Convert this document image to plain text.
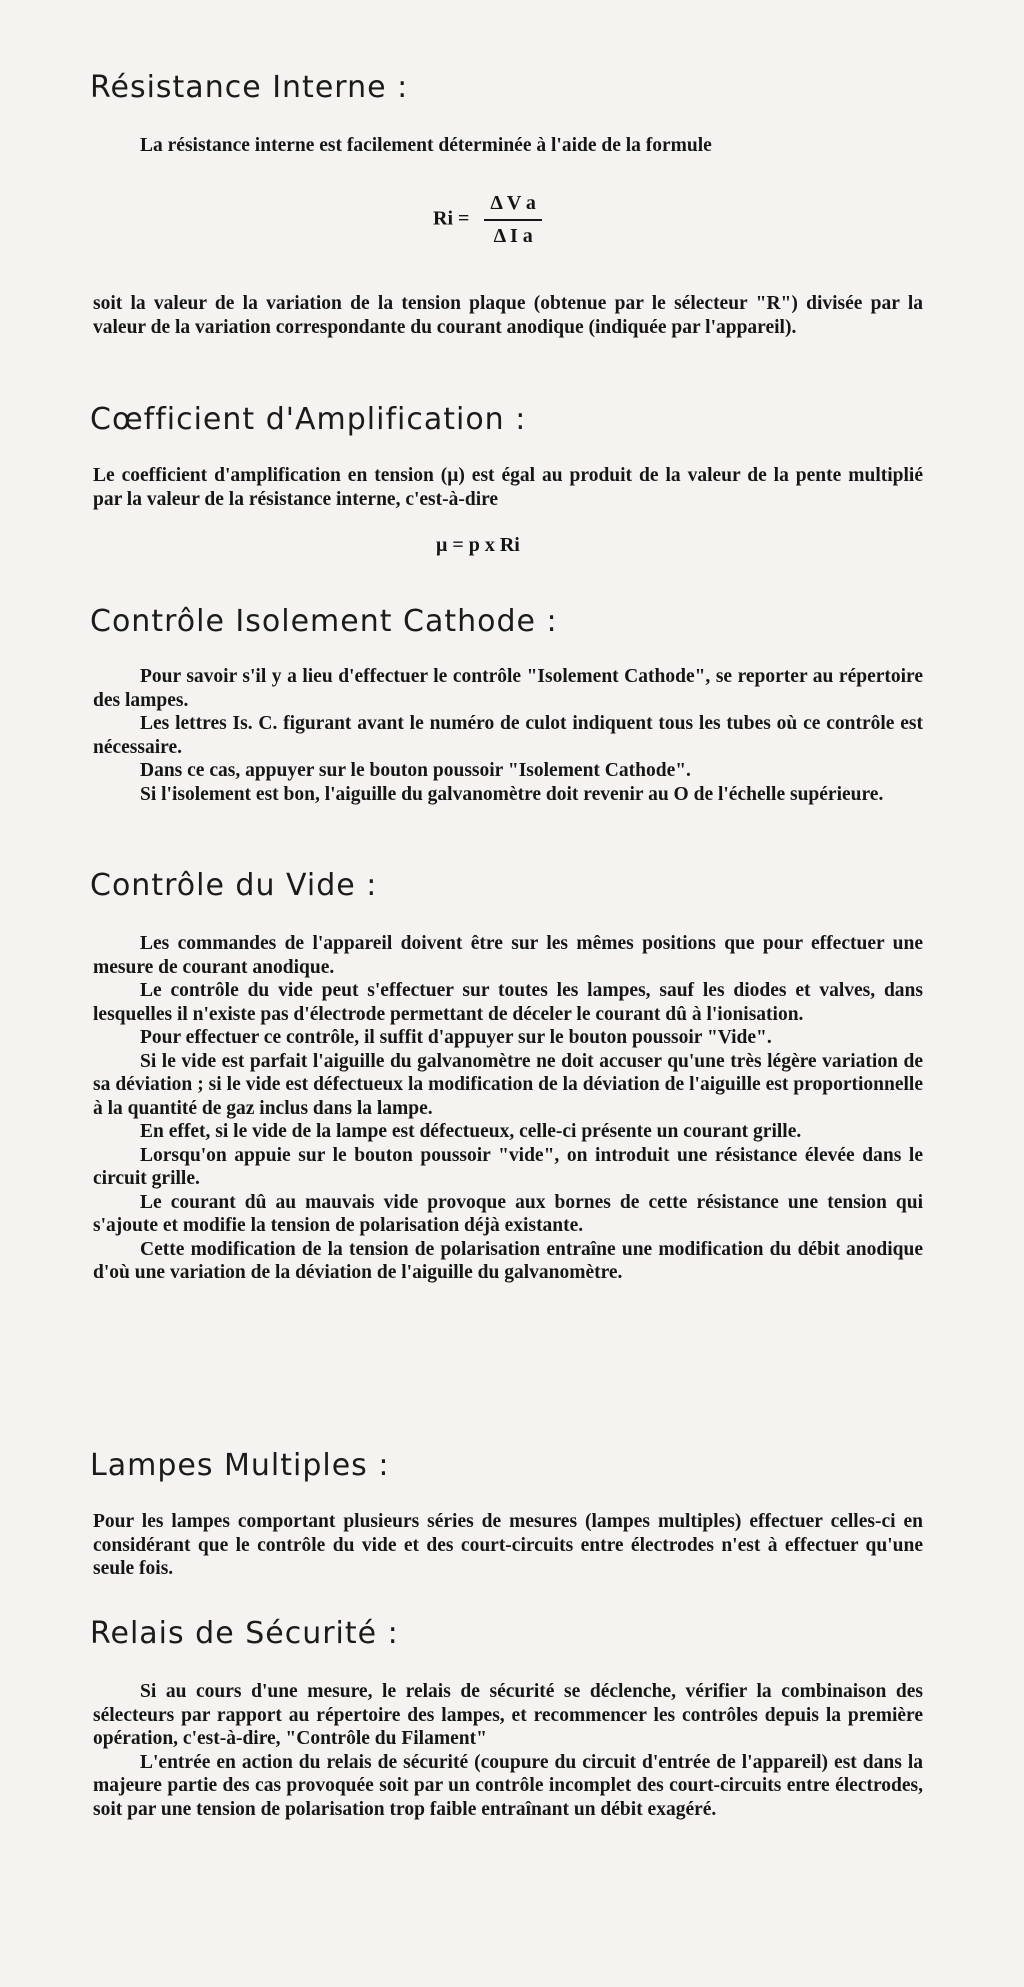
Résistance Interne :

La résistance interne est facilement déterminée à l'aide de la formule

$Ri = \frac{\text{Δ V a}}{\text{Δ I a}}$

soit la valeur de la variation de la tension plaque (obtenue par le sélecteur "R") divisée par la valeur de la variation correspondante du courant anodique (indiquée par l'appareil).

Cœfficient d'Amplification :

Le coefficient d'amplification en tension (μ) est égal au produit de la valeur de la pente multiplié par la valeur de la résistance interne, c'est-à-dire

μ = p x Ri
Contrôle Isolement Cathode :
Pour savoir s'il y a lieu d'effectuer le contrôle "Isolement Cathode", se reporter au répertoire des lampes.
Les lettres Is. C. figurant avant le numéro de culot indiquent tous les tubes où ce contrôle est nécessaire.
Dans ce cas, appuyer sur le bouton poussoir "Isolement Cathode".
Si l'isolement est bon, l'aiguille du galvanomètre doit revenir au O de l'échelle supérieure.
Contrôle du Vide :
Les commandes de l'appareil doivent être sur les mêmes positions que pour effectuer une mesure de courant anodique.
Le contrôle du vide peut s'effectuer sur toutes les lampes, sauf les diodes et valves, dans lesquelles il n'existe pas d'électrode permettant de déceler le courant dû à l'ionisation.
Pour effectuer ce contrôle, il suffit d'appuyer sur le bouton poussoir "Vide".
Si le vide est parfait l'aiguille du galvanomètre ne doit accuser qu'une très légère variation de sa déviation ; si le vide est défectueux la modification de la déviation de l'aiguille est proportionnelle à la quantité de gaz inclus dans la lampe.
En effet, si le vide de la lampe est défectueux, celle-ci présente un courant grille.
Lorsqu'on appuie sur le bouton poussoir "vide", on introduit une résistance élevée dans le circuit grille.
Le courant dû au mauvais vide provoque aux bornes de cette résistance une tension qui s'ajoute et modifie la tension de polarisation déjà existante.
Cette modification de la tension de polarisation entraîne une modification du débit anodique d'où une variation de la déviation de l'aiguille du galvanomètre.
Lampes Multiples :

Pour les lampes comportant plusieurs séries de mesures (lampes multiples) effectuer celles-ci en considérant que le contrôle du vide et des court-circuits entre électrodes n'est à effectuer qu'une seule fois.

Relais de Sécurité :
Si au cours d'une mesure, le relais de sécurité se déclenche, vérifier la combinaison des sélecteurs par rapport au répertoire des lampes, et recommencer les contrôles depuis la première opération, c'est-à-dire, "Contrôle du Filament"
L'entrée en action du relais de sécurité (coupure du circuit d'entrée de l'appareil) est dans la majeure partie des cas provoquée soit par un contrôle incomplet des court-circuits entre électrodes, soit par une tension de polarisation trop faible entraînant un débit exagéré.
